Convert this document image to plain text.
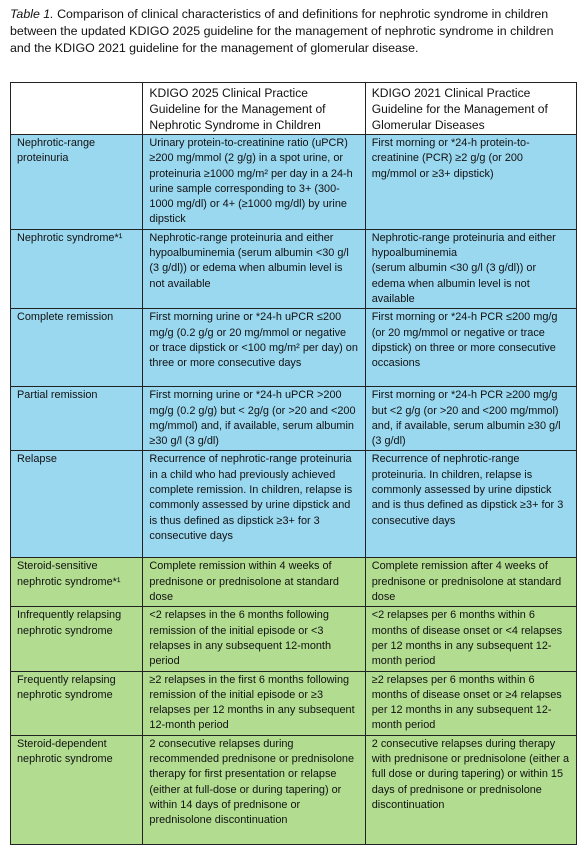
Table 1. Comparison of clinical characteristics of and definitions for nephrotic syndrome in children between the updated KDIGO 2025 guideline for the management of nephrotic syndrome in children and the KDIGO 2021 guideline for the management of glomerular disease.
	KDIGO 2025 Clinical Practice Guideline for the Management of Nephrotic Syndrome in Children	KDIGO 2021 Clinical Practice Guideline for the Management of Glomerular Diseases
Nephrotic-range proteinuria	Urinary protein-to-creatinine ratio (uPCR) ≥200 mg/mmol (2 g/g) in a spot urine, or proteinuria ≥1000 mg/m² per day in a 24-h urine sample corresponding to 3+ (300-1000 mg/dl) or 4+ (≥1000 mg/dl) by urine dipstick	First morning or *24-h protein-to-creatinine (PCR) ≥2 g/g (or 200 mg/mmol or ≥3+ dipstick)
Nephrotic syndrome*¹	Nephrotic-range proteinuria and either hypoalbuminemia (serum albumin <30 g/l (3 g/dl)) or edema when albumin level is not available	Nephrotic-range proteinuria and either hypoalbuminemia
(serum albumin <30 g/l (3 g/dl)) or edema when albumin level is not available
Complete remission	First morning urine or *24-h uPCR ≤200 mg/g (0.2 g/g or 20 mg/mmol or negative or trace dipstick or <100 mg/m² per day) on three or more consecutive days	First morning or *24-h PCR ≤200 mg/g (or 20 mg/mmol or negative or trace dipstick) on three or more consecutive occasions
Partial remission	First morning urine or *24-h uPCR >200 mg/g (0.2 g/g) but < 2g/g (or >20 and <200 mg/mmol) and, if available, serum albumin ≥30 g/l (3 g/dl)	First morning or *24-h PCR ≥200 mg/g but <2 g/g (or >20 and <200 mg/mmol) and, if available, serum albumin ≥30 g/l (3 g/dl)
Relapse	Recurrence of nephrotic-range proteinuria in a child who had previously achieved complete remission. In children, relapse is commonly assessed by urine dipstick and is thus defined as dipstick ≥3+ for 3 consecutive days	Recurrence of nephrotic-range proteinuria. In children, relapse is commonly assessed by urine dipstick and is thus defined as dipstick ≥3+ for 3 consecutive days
Steroid-sensitive nephrotic syndrome*¹	Complete remission within 4 weeks of prednisone or prednisolone at standard dose	Complete remission after 4 weeks of prednisone or prednisolone at standard dose
Infrequently relapsing nephrotic syndrome	<2 relapses in the 6 months following remission of the initial episode or <3 relapses in any subsequent 12-month period	<2 relapses per 6 months within 6 months of disease onset or <4 relapses per 12 months in any subsequent 12-month period
Frequently relapsing nephrotic syndrome	≥2 relapses in the first 6 months following remission of the initial episode or ≥3 relapses per 12 months in any subsequent 12-month period	≥2 relapses per 6 months within 6 months of disease onset or ≥4 relapses per 12 months in any subsequent 12-month period
Steroid-dependent nephrotic syndrome	2 consecutive relapses during recommended prednisone or prednisolone therapy for first presentation or relapse (either at full-dose or during tapering) or within 14 days of prednisone or prednisolone discontinuation	2 consecutive relapses during therapy with prednisone or prednisolone (either a full dose or during tapering) or within 15 days of prednisone or prednisolone discontinuation
